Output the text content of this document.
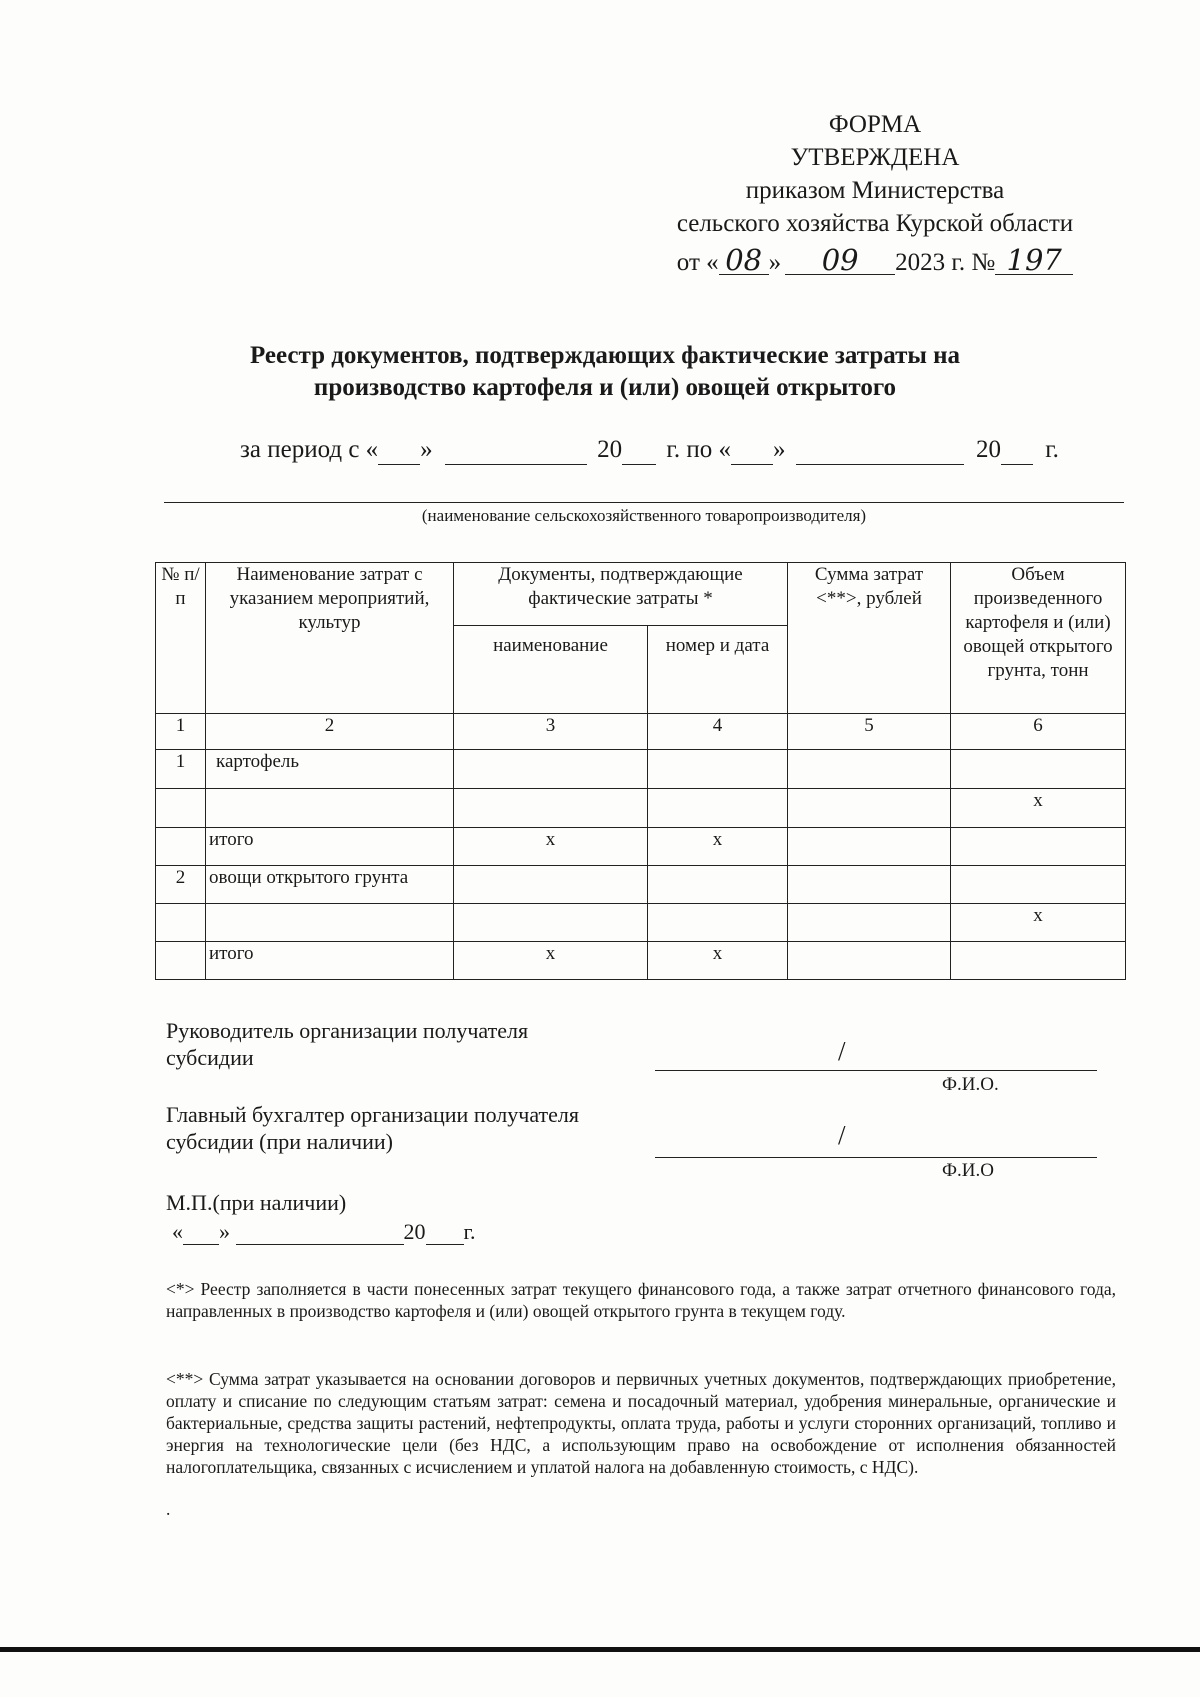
ФОРМА
УТВЕРЖДЕНА
приказом Министерства
сельского хозяйства Курской области
от « 08 » 09 2023 г. № 197
Реестр документов, подтверждающих фактические затраты на
производство картофеля и (или) овощей открытого
за период с « »	20 г. по « »	20 г.
(наименование сельскохозяйственного товаропроизводителя)
№ п/п	Наименование затрат с указанием мероприятий, культур	Документы, подтверждающие фактические затраты *		Сумма затрат <**>, рублей	Объем произведенного картофеля и (или) овощей открытого грунта, тонн
		наименование	номер и дата		
1	2	3	4	5	6
1	картофель				
					х
	итого	х	х		
2	овощи открытого грунта				
					х
	итого	х	х		
Руководитель организации получателя
субсидии	/
Ф.И.О.
Главный бухгалтер организации получателя
субсидии (при наличии)	/
Ф.И.О
М.П.(при наличии)
« »	20 г.
<*> Реестр заполняется в части понесенных затрат текущего финансового года, а также затрат отчетного финансового года, направленных в производство картофеля и (или) овощей открытого грунта в текущем году.
<**> Сумма затрат указывается на основании договоров и первичных учетных документов, подтверждающих приобретение, оплату и списание по следующим статьям затрат: семена и посадочный материал, удобрения минеральные, органические и бактериальные, средства защиты растений, нефтепродукты, оплата труда, работы и услуги сторонних организаций, топливо и энергия на технологические цели (без НДС, а использующим право на освобождение от исполнения обязанностей налогоплательщика, связанных с исчислением и уплатой налога на добавленную стоимость, с НДС).
.
